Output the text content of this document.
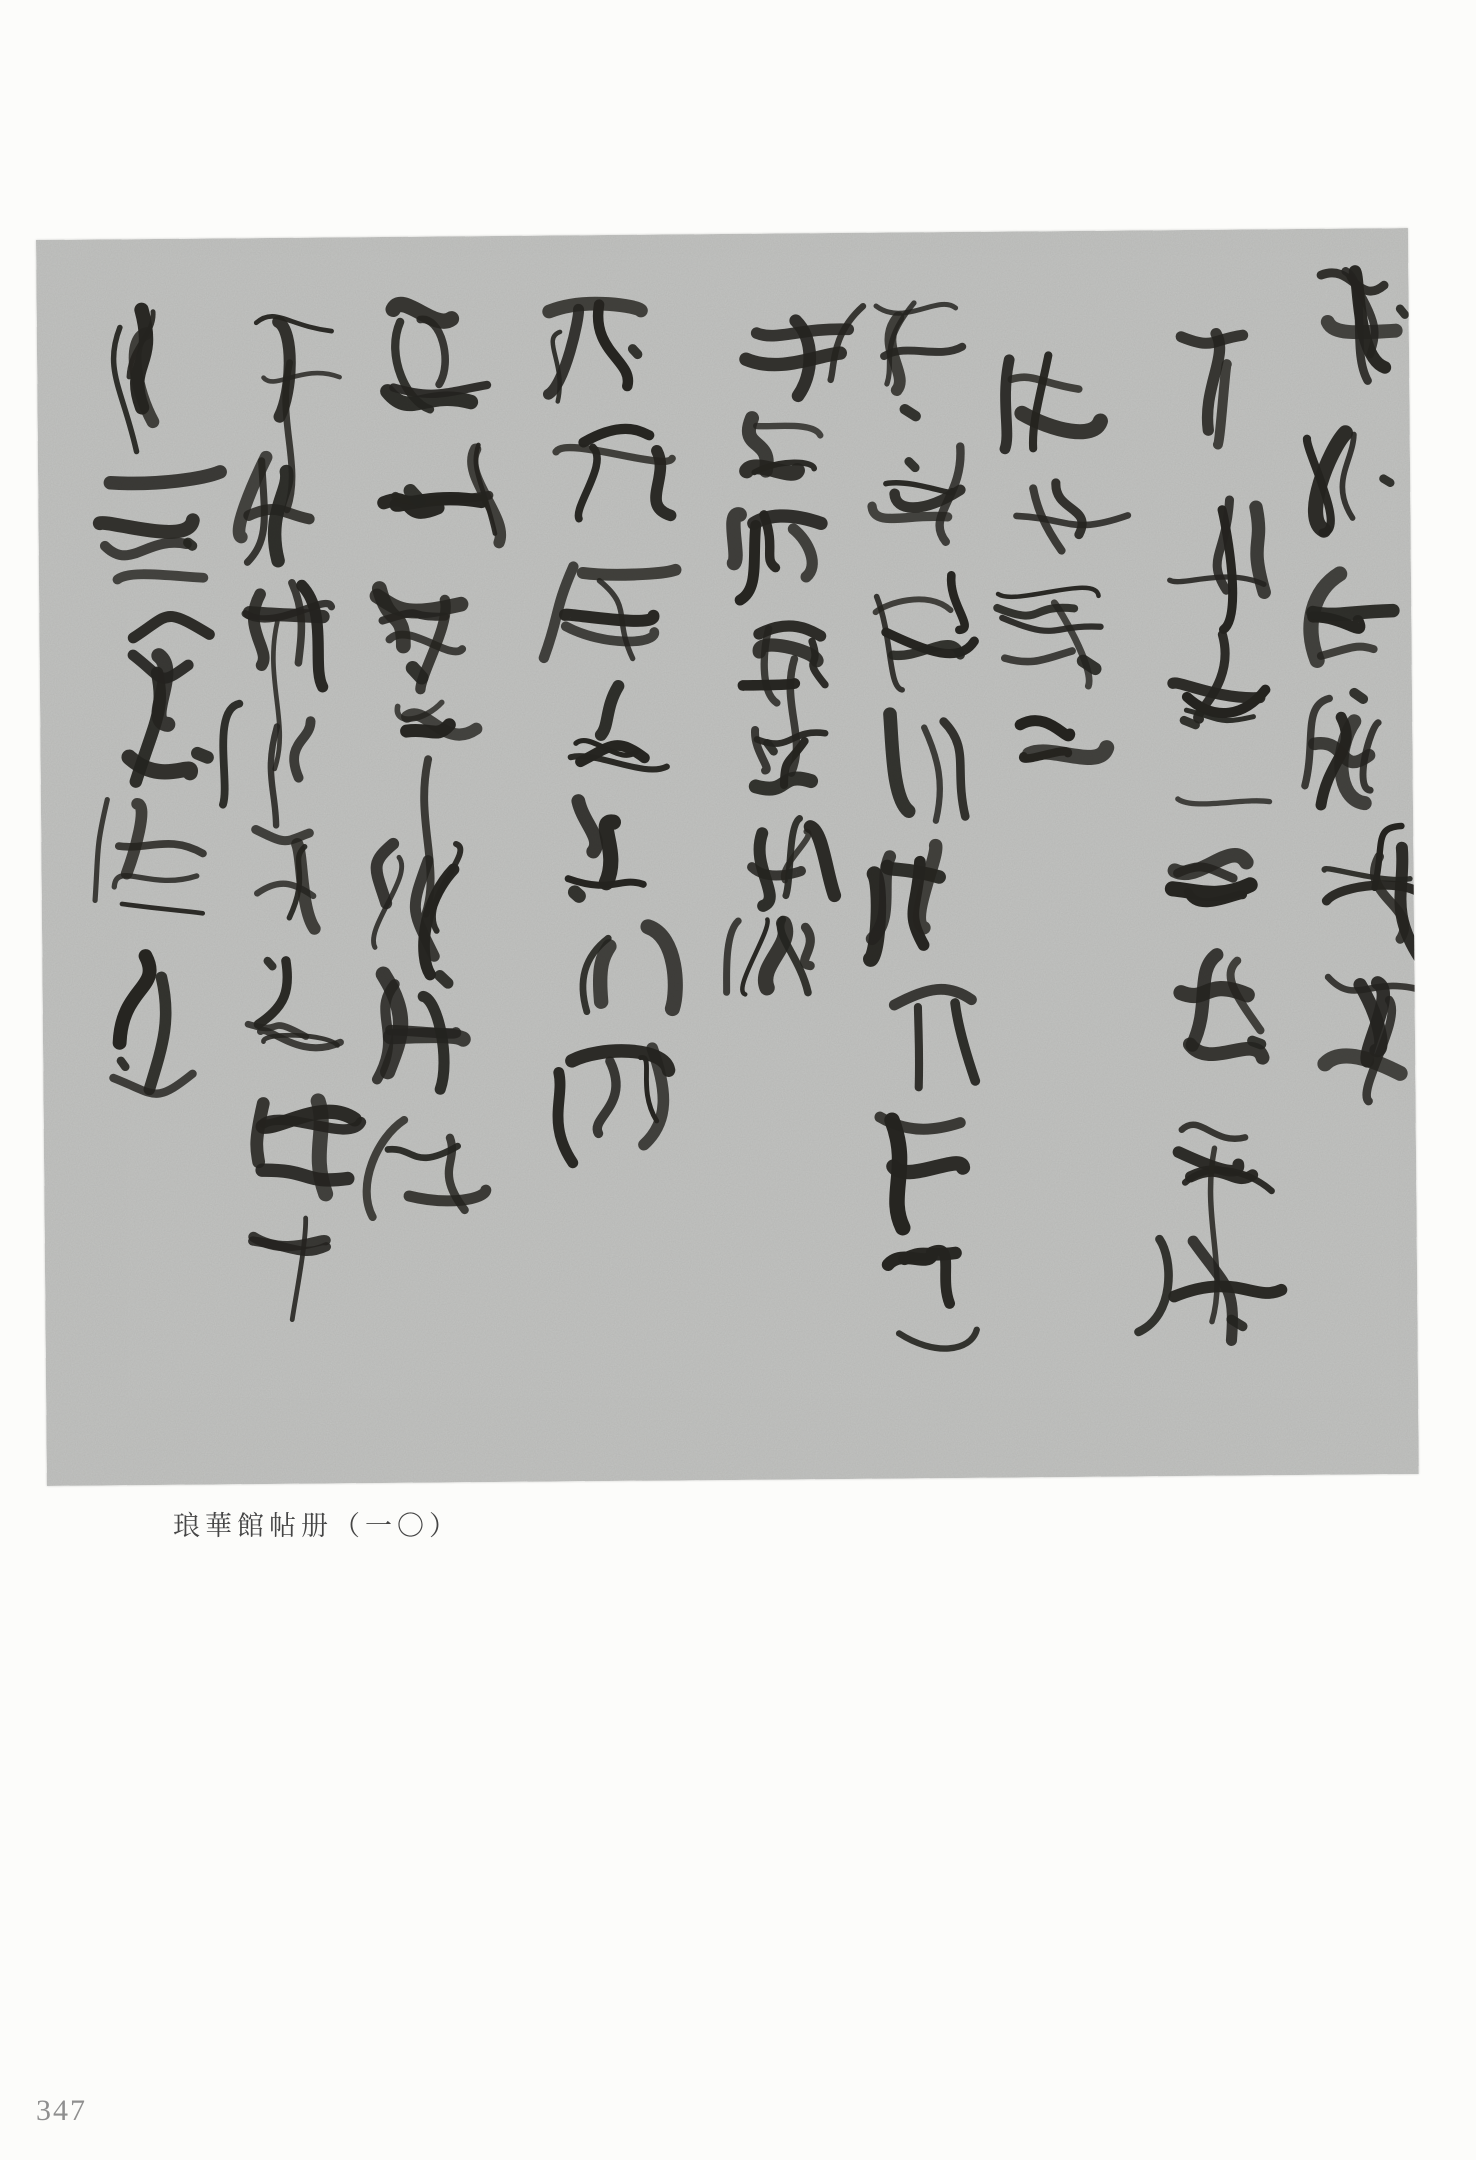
琅華館帖册（一〇）
347
